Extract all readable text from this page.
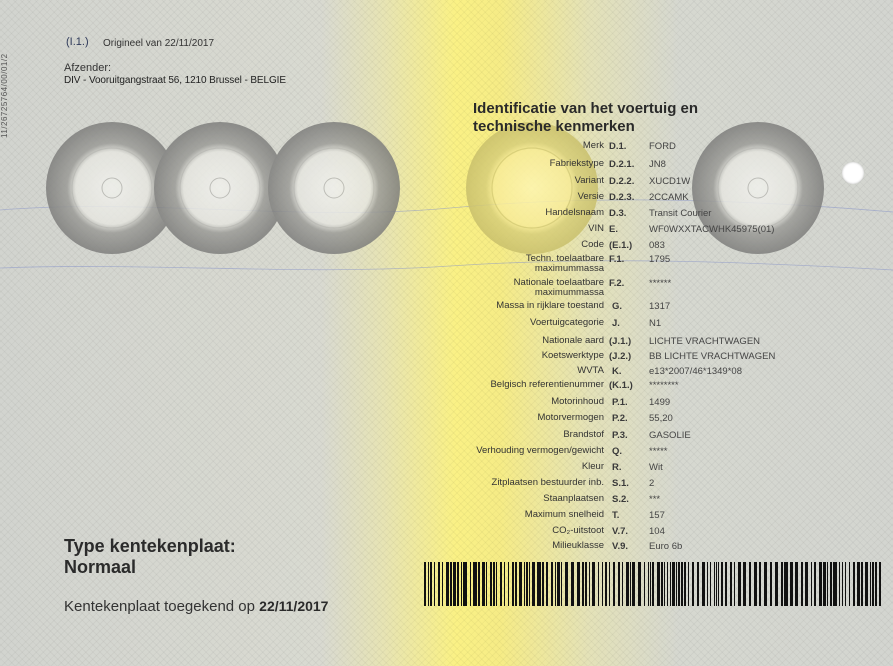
11/26725764/00/01/2
(I.1.) Origineel van 22/11/2017
Afzender:
DIV - Vooruitgangstraat 56, 1210 Brussel - BELGIE
Identificatie van het voertuig en technische kenmerken
Merk D.1. FORD
Fabriekstype D.2.1. JN8
Variant D.2.2. XUCD1W
Versie D.2.3. 2CCAMK
Handelsnaam D.3. Transit Courier
VIN E.	WF0WXXTACWHK45975(01)
Code (E.1.) 083
Techn. toelaatbare maximummassa
F.1.	1795
Nationale toelaatbare maximummassa
F.2.	******
Massa in rijklare toestand G.	1317
Voertuigcategorie J.	N1
Nationale aard (J.1.) LICHTE VRACHTWAGEN
Koetswerktype (J.2.) BB LICHTE VRACHTWAGEN
WVTA K.	e13*2007/46*1349*08
Belgisch referentienummer (K.1.) ********
Motorinhoud P.1. 1499
Motorvermogen P.2. 55,20
Brandstof P.3. GASOLIE
Verhouding vermogen/gewicht Q.	*****
Kleur R.	Wit
Zitplaatsen bestuurder inb. S.1. 2
Staanplaatsen S.2. ***
Maximum snelheid T.	157
CO₂-uitstoot V.7. 104
Milieuklasse V.9. Euro 6b
Type kentekenplaat:
Normaal
Kentekenplaat toegekend op 22/11/2017
